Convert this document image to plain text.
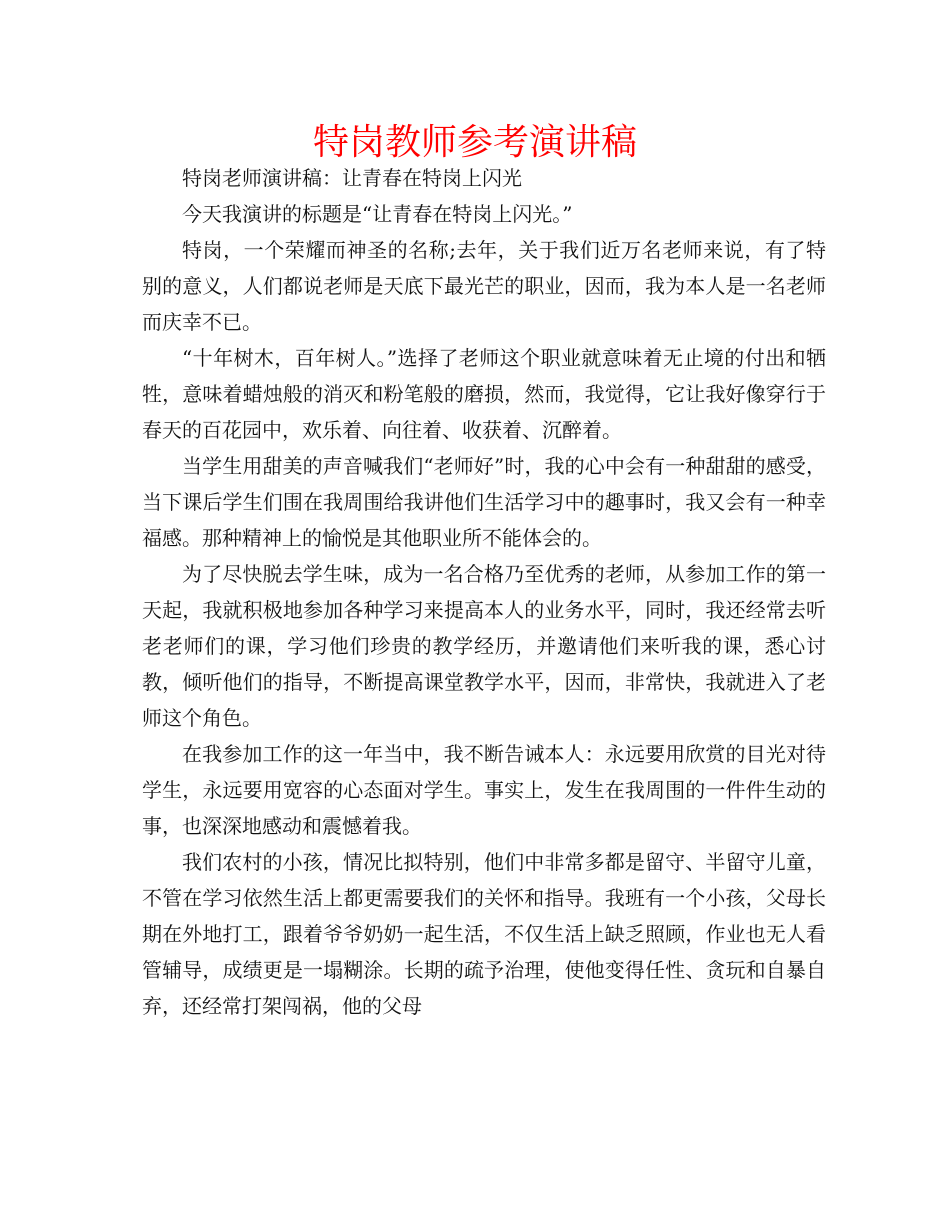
特岗教师参考演讲稿

特岗老师演讲稿：让青春在特岗上闪光

今天我演讲的标题是“让青春在特岗上闪光。”

特岗，一个荣耀而神圣的名称;去年，关于我们近万名老师来说，有了特别的意义，人们都说老师是天底下最光芒的职业，因而，我为本人是一名老师而庆幸不已。

“十年树木，百年树人。”选择了老师这个职业就意味着无止境的付出和牺牲，意味着蜡烛般的消灭和粉笔般的磨损，然而，我觉得，它让我好像穿行于春天的百花园中，欢乐着、向往着、收获着、沉醉着。

当学生用甜美的声音喊我们“老师好”时，我的心中会有一种甜甜的感受，当下课后学生们围在我周围给我讲他们生活学习中的趣事时，我又会有一种幸福感。那种精神上的愉悦是其他职业所不能体会的。

为了尽快脱去学生味，成为一名合格乃至优秀的老师，从参加工作的第一天起，我就积极地参加各种学习来提高本人的业务水平，同时，我还经常去听老老师们的课，学习他们珍贵的教学经历，并邀请他们来听我的课，悉心讨教，倾听他们的指导，不断提高课堂教学水平，因而，非常快，我就进入了老师这个角色。

在我参加工作的这一年当中，我不断告诫本人：永远要用欣赏的目光对待学生，永远要用宽容的心态面对学生。事实上，发生在我周围的一件件生动的事，也深深地感动和震憾着我。

我们农村的小孩，情况比拟特别，他们中非常多都是留守、半留守儿童，不管在学习依然生活上都更需要我们的关怀和指导。我班有一个小孩，父母长期在外地打工，跟着爷爷奶奶一起生活，不仅生活上缺乏照顾，作业也无人看管辅导，成绩更是一塌糊涂。长期的疏予治理，使他变得任性、贪玩和自暴自弃，还经常打架闯祸，他的父母
